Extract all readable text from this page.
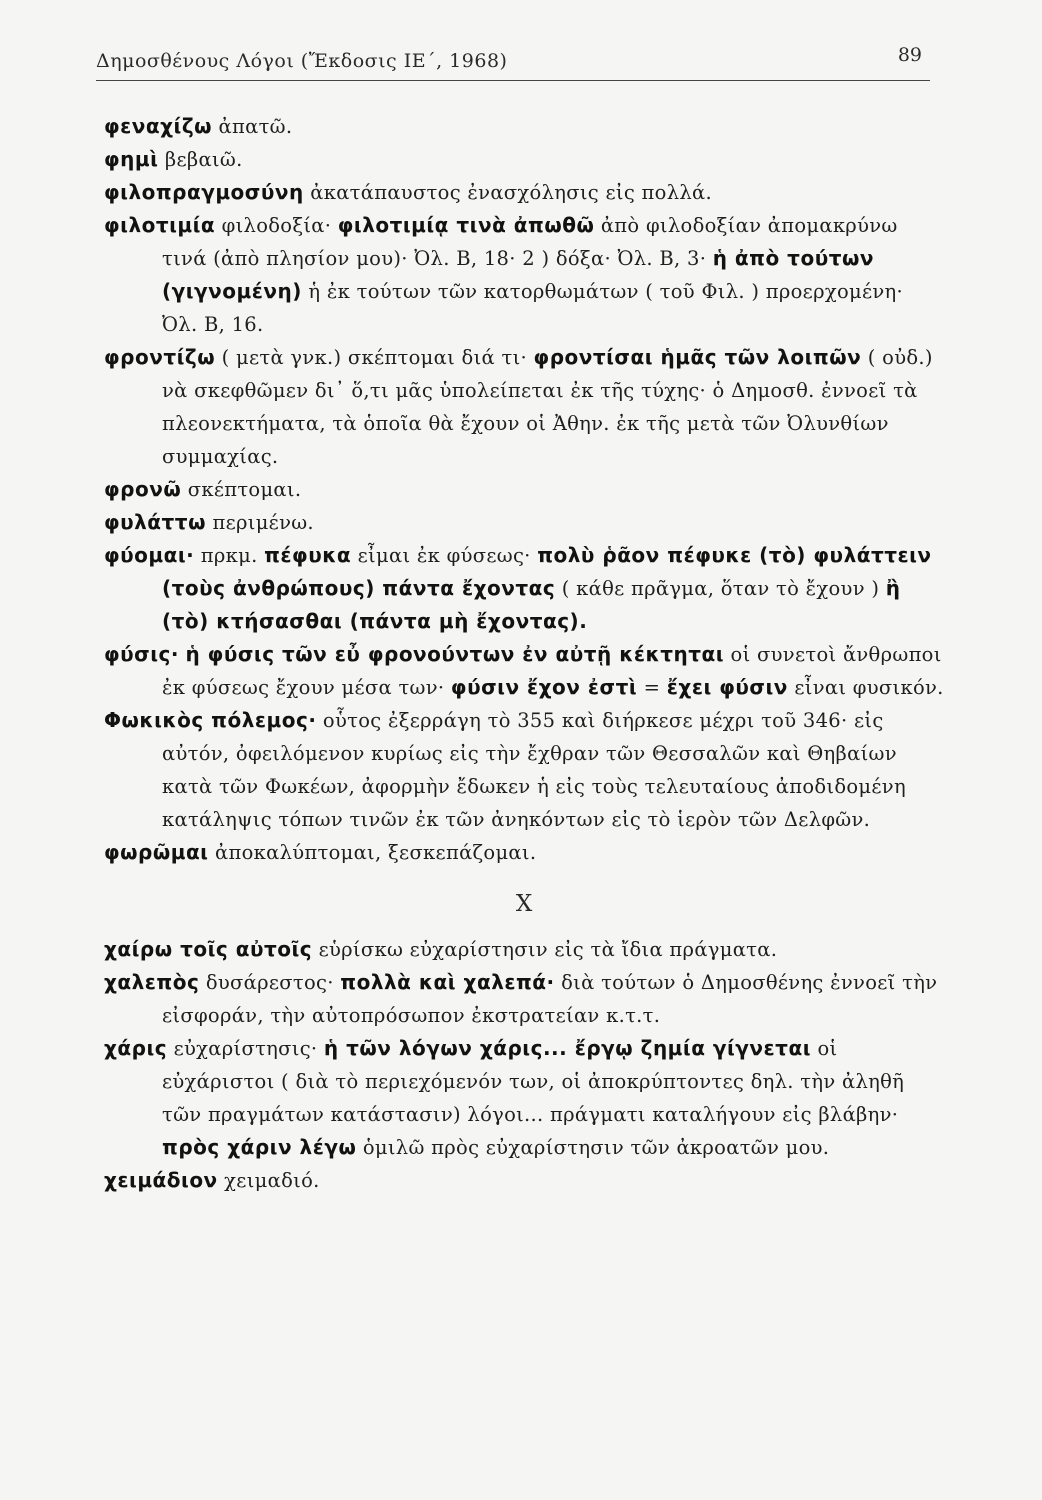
Δημοσθένους Λόγοι (Ἔκδοσις ΙΕ΄, 1968)	89

φεναχίζω ἀπατῶ.

φημὶ βεβαιῶ.

φιλοπραγμοσύνη ἀκατάπαυστος ἐνασχόλησις εἰς πολλά.

φιλοτιμία φιλοδοξία· φιλοτιμίᾳ τινὰ ἀπωθῶ ἀπὸ φιλοδοξίαν ἀπομακρύνω τινά (ἀπὸ πλησίον μου)· Ὀλ. Β, 18· 2 ) δόξα· Ὀλ. Β, 3· ἡ ἀπὸ τούτων (γιγνομένη) ἡ ἐκ τούτων τῶν κατορθωμάτων ( τοῦ Φιλ. ) προερχομένη· Ὀλ. Β, 16.

φροντίζω ( μετὰ γνκ.) σκέπτομαι διά τι· φροντίσαι ἡμᾶς τῶν λοιπῶν ( οὐδ.) νὰ σκεφθῶμεν δι᾽ ὅ,τι μᾶς ὑπολείπεται ἐκ τῆς τύχης· ὁ Δημοσθ. ἐννοεῖ τὰ πλεονεκτήματα, τὰ ὁποῖα θὰ ἔχουν οἱ Ἀθην. ἐκ τῆς μετὰ τῶν Ὀλυνθίων συμμαχίας.

φρονῶ σκέπτομαι.

φυλάττω περιμένω.

φύομαι· πρκμ. πέφυκα εἶμαι ἐκ φύσεως· πολὺ ῥᾶον πέφυκε (τὸ) φυλάττειν (τοὺς ἀνθρώπους) πάντα ἔχοντας ( κάθε πρᾶγμα, ὅταν τὸ ἔχουν ) ἢ (τὸ) κτήσασθαι (πάντα μὴ ἔχοντας).

φύσις· ἡ φύσις τῶν εὖ φρονούντων ἐν αὐτῇ κέκτηται οἱ συνετοὶ ἄνθρωποι ἐκ φύσεως ἔχουν μέσα των· φύσιν ἔχον ἐστὶ = ἔχει φύσιν εἶναι φυσικόν.

Φωκικὸς πόλεμος· οὗτος ἐξερράγη τὸ 355 καὶ διήρκεσε μέχρι τοῦ 346· εἰς αὐτόν, ὀφειλόμενον κυρίως εἰς τὴν ἔχθραν τῶν Θεσσαλῶν καὶ Θηβαίων κατὰ τῶν Φωκέων, ἀφορμὴν ἔδωκεν ἡ εἰς τοὺς τελευταίους ἀποδιδομένη κατάληψις τόπων τινῶν ἐκ τῶν ἀνηκόντων εἰς τὸ ἱερὸν τῶν Δελφῶν.

φωρῶμαι ἀποκαλύπτομαι, ξεσκεπάζομαι.

Χ

χαίρω τοῖς αὐτοῖς εὑρίσκω εὐχαρίστησιν εἰς τὰ ἴδια πράγματα.

χαλεπὸς δυσάρεστος· πολλὰ καὶ χαλεπά· διὰ τούτων ὁ Δημοσθένης ἐννοεῖ τὴν εἰσφοράν, τὴν αὐτοπρόσωπον ἐκστρατείαν κ.τ.τ.

χάρις εὐχαρίστησις· ἡ τῶν λόγων χάρις... ἔργῳ ζημία γίγνεται οἱ εὐχάριστοι ( διὰ τὸ περιεχόμενόν των, οἱ ἀποκρύπτοντες δηλ. τὴν ἀληθῆ τῶν πραγμάτων κατάστασιν) λόγοι... πράγματι καταλήγουν εἰς βλάβην· πρὸς χάριν λέγω ὁμιλῶ πρὸς εὐχαρίστησιν τῶν ἀκροατῶν μου.

χειμάδιον χειμαδιό.
